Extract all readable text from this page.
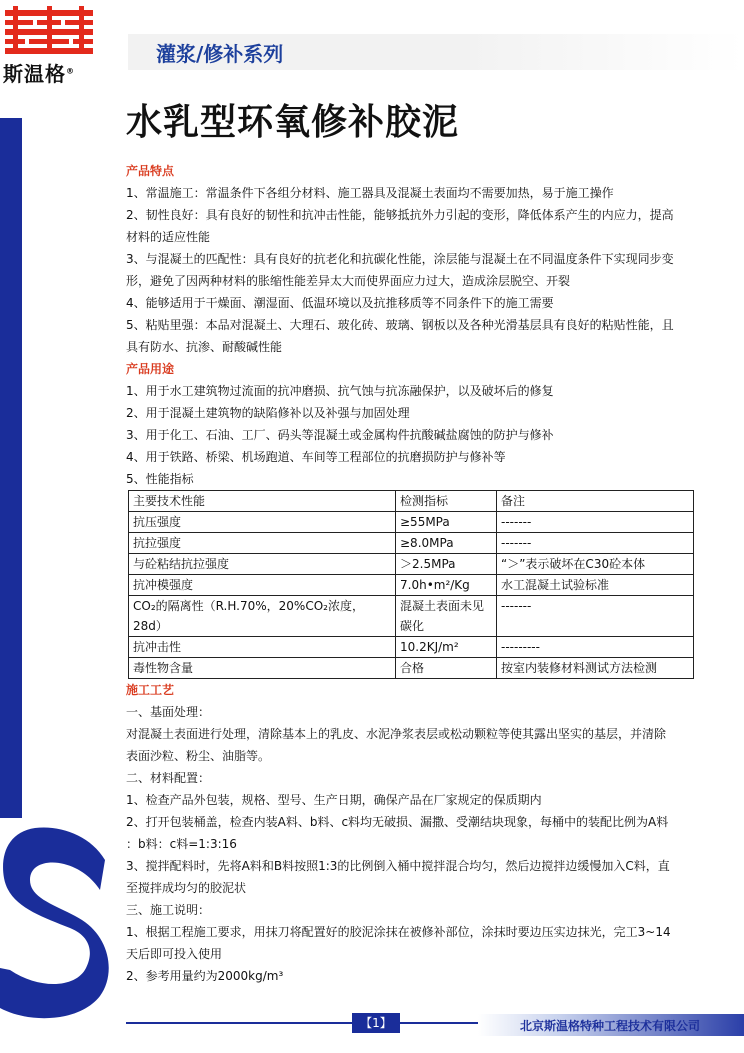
斯温格®
灌浆/修补系列
水乳型环氧修补胶泥
产品特点
1、常温施工：常温条件下各组分材料、施工器具及混凝土表面均不需要加热，易于施工操作
2、韧性良好：具有良好的韧性和抗冲击性能，能够抵抗外力引起的变形，降低体系产生的内应力，提高
材料的适应性能
3、与混凝土的匹配性：具有良好的抗老化和抗碳化性能，涂层能与混凝土在不同温度条件下实现同步变
形，避免了因两种材料的胀缩性能差异太大而使界面应力过大，造成涂层脱空、开裂
4、能够适用于干燥面、潮湿面、低温环境以及抗推移质等不同条件下的施工需要
5、粘贴里强：本品对混凝土、大理石、玻化砖、玻璃、钢板以及各种光滑基层具有良好的粘贴性能，且
具有防水、抗渗、耐酸碱性能
产品用途
1、用于水工建筑物过流面的抗冲磨损、抗气蚀与抗冻融保护，以及破坏后的修复
2、用于混凝土建筑物的缺陷修补以及补强与加固处理
3、用于化工、石油、工厂、码头等混凝土或金属构件抗酸碱盐腐蚀的防护与修补
4、用于铁路、桥梁、机场跑道、车间等工程部位的抗磨损防护与修补等
5、性能指标
主要技术性能	检测指标	备注
抗压强度	≥55MPa	-------
抗拉强度	≥8.0MPa	-------
与砼粘结抗拉强度	＞2.5MPa	“＞”表示破坏在C30砼本体
抗冲模强度	7.0h•m²/Kg	水工混凝土试验标准
CO₂的隔离性（R.H.70%，20%CO₂浓度，28d）	混凝土表面未见碳化	-------
抗冲击性	10.2KJ/m²	---------
毒性物含量	合格	按室内装修材料测试方法检测
施工工艺
一、基面处理：
对混凝土表面进行处理，清除基本上的乳皮、水泥净浆表层或松动颗粒等使其露出坚实的基层，并清除
表面沙粒、粉尘、油脂等。
二、材料配置：
1、检查产品外包装，规格、型号、生产日期，确保产品在厂家规定的保质期内
2、打开包装桶盖，检查内装A料、b料、c料均无破损、漏撒、受潮结块现象，每桶中的装配比例为A料
：b料：c料=1:3:16
3、搅拌配料时，先将A料和B料按照1:3的比例倒入桶中搅拌混合均匀，然后边搅拌边缓慢加入C料，直
至搅拌成均匀的胶泥状
三、施工说明：
1、根据工程施工要求，用抹刀将配置好的胶泥涂抹在被修补部位，涂抹时要边压实边抹光，完工3~14
天后即可投入使用
2、参考用量约为2000kg/m³
【1】	北京斯温格特种工程技术有限公司
